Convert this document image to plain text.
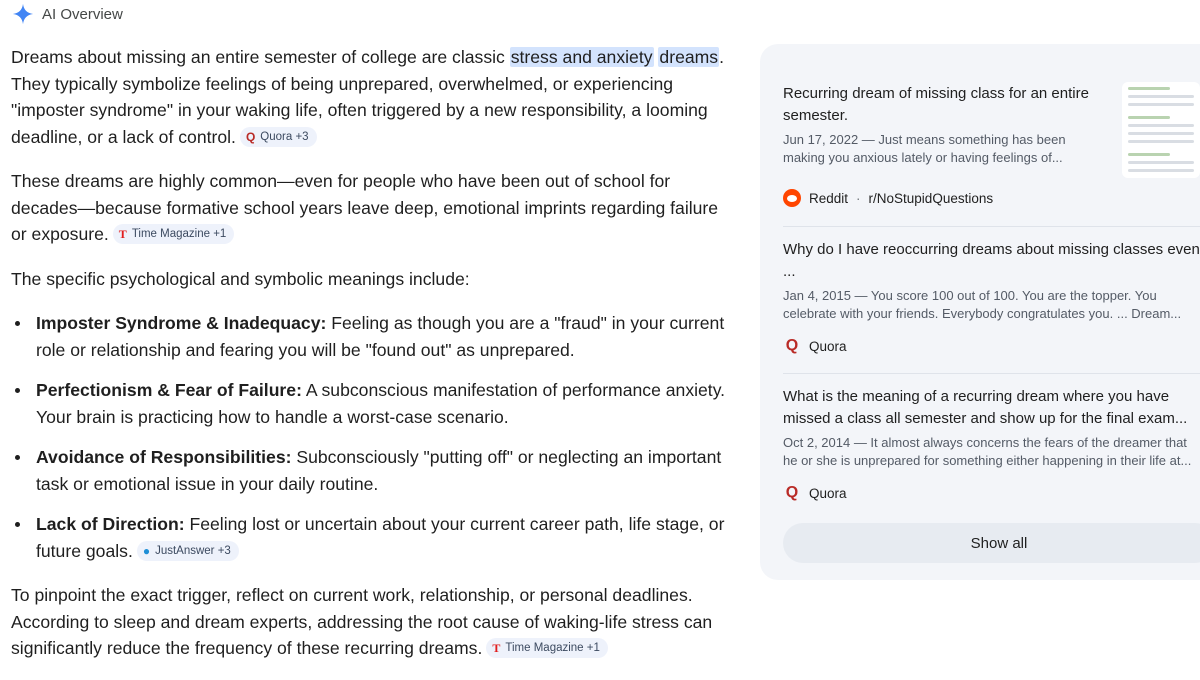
AI Overview

Dreams about missing an entire semester of college are classic stress and anxiety dreams. They typically symbolize feelings of being unprepared, overwhelmed, or experiencing "imposter syndrome" in your waking life, often triggered by a new responsibility, a looming deadline, or a lack of control. Q Quora +3

These dreams are highly common—even for people who have been out of school for decades—because formative school years leave deep, emotional imprints regarding failure or exposure. T Time Magazine +1

The specific psychological and symbolic meanings include:

Imposter Syndrome & Inadequacy: Feeling as though you are a "fraud" in your current role or relationship and fearing you will be "found out" as unprepared.
Perfectionism & Fear of Failure: A subconscious manifestation of performance anxiety. Your brain is practicing how to handle a worst-case scenario.
Avoidance of Responsibilities: Subconsciously "putting off" or neglecting an important task or emotional issue in your daily routine.
Lack of Direction: Feeling lost or uncertain about your current career path, life stage, or future goals. ● JustAnswer +3

To pinpoint the exact trigger, reflect on current work, relationship, or personal deadlines. According to sleep and dream experts, addressing the root cause of waking-life stress can significantly reduce the frequency of these recurring dreams. T Time Magazine +1

Recurring dream of missing class for an entire semester.

Jun 17, 2022 — Just means something has been
making you anxious lately or having feelings of...
Reddit · r/NoStupidQuestions

Why do I have reoccurring dreams about missing classes even ...

Jan 4, 2015 — You score 100 out of 100. You are the topper. You
celebrate with your friends. Everybody congratulates you. ... Dream...
Q Quora

What is the meaning of a recurring dream where you have missed a class all semester and show up for the final exam...

Oct 2, 2014 — It almost always concerns the fears of the dreamer that
he or she is unprepared for something either happening in their life at...
Q Quora
Show all
